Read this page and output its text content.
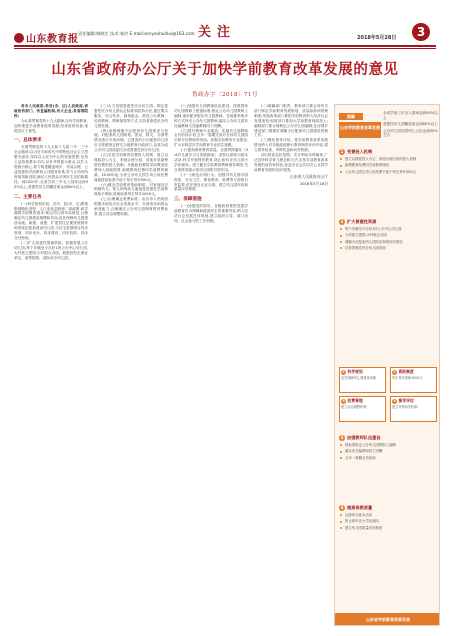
山东教育报
责任编辑:韩晓生 技术:秦洪 E-mail:senyouhuihui@163.com 关注	2018年5月28日	3
山东省政府办公厅关于加快学前教育改革发展的意见
鲁政办字〔2018〕71号

各市人民政府,各县(市、区)人民政府,省政府各部门、各直属机构,各大企业,各高等院校:

为认真贯彻党的十九大精神,办好学前教育,加快推进学前教育改革发展,经省政府同意,现提出以下意见。

一、总体要求

全面贯彻党的十九大和十九届二中、三中全会精神,以习近平新时代中国特色社会主义思想为指导,坚持以人民为中心的发展思想,坚持公益普惠基本方向,以补齐短板为重点,以扩大资源为核心,着力构建覆盖城乡、布局合理、公益普惠的学前教育公共服务体系,努力让幼有所育取得新进展,满足人民群众对美好生活的新期待。到2020年,全省学前三年毛入园率达到90%以上,普惠性幼儿园覆盖率达到80%以上。

二、主要任务

(一)科学规划布局。各市、县(市、区)要根据城镇化进程、人口变化趋势和二孩政策,科学测算学前教育需求,制定幼儿园布局规划,合理确定幼儿园建设规模和布局,优先保障幼儿园建设用地。新建、改建、扩建居住区要按照国家和省规定配套建设幼儿园,与住宅首期项目同步规划、同步设计、同步建设、同步验收、同步交付使用。

(二)扩大普惠性资源供给。积极发展公办幼儿园,每个乡镇至少办好1所公办中心幼儿园,大村独立建园,小村联合办园。鼓励国有企事业单位、高等院校、部队举办幼儿园。

(三)大力发展普惠性民办幼儿园。制定普惠性民办幼儿园认定标准和扶持办法,通过购买服务、综合奖补、减免租金、派驻公办教师、培训教师、教研指导等方式,支持普惠性民办幼儿园发展。

(四)加强城镇小区配套幼儿园建设与管理。对配套幼儿园规划、建设、移交、办园等情况进行专项治理。已建成的小区配套幼儿园应当按照规定移交当地教育行政部门,由其办成公办幼儿园或委托办成普惠性民办幼儿园。

(五)完善学前教育经费投入机制。建立以财政投入为主、家庭合理分担、其他多渠道筹措经费的投入机制。各级政府要将学前教育经费列入财政预算,新增教育经费向学前教育倾斜。2018年起,全省公办幼儿园生均公用经费财政拨款标准不低于每生每年500元。

(六)健全学前教育资助制度。对家庭经济困难幼儿、孤儿和残疾儿童接受普惠性学前教育给予资助,资助标准每生每年1000元。

(七)合理确定收费标准。由各市人民政府根据本地经济社会发展水平、办园成本和群众承受能力,合理确定公办幼儿园保育教育费标准,建立动态调整机制。

(八)加强幼儿园教师队伍建设。按照国家幼儿园教职工配备标准,核定公办幼儿园教职工编制,逐步配齐配足幼儿园教师。各地要采取多种方式补充公办幼儿园教师,落实公办幼儿园非在编教师与在编教师同工同酬。

(九)提升教师专业素质。实施幼儿园教师全员培训计划,五年一周期完成对全体幼儿园园长和专任教师的培训。加强学前教育专业建设,扩大本科层次学前教育专业招生规模。

(十)提高保育教育质量。全面贯彻落实《3-6岁儿童学习与发展指南》,坚持以游戏为基本活动,科学开展保育教育,防止和纠正幼儿园小学化倾向。建立健全学前教育教研指导网络,充分发挥省级示范幼儿园的引领作用。

(十一)规范办园行为。加强对幼儿园办园资质、安全卫生、保育教育、收费等方面的日常监管,依法查处无证办园。建立幼儿园年检和质量评估制度。

三、保障措施

(一)加强组织领导。各级政府要把发展学前教育作为保障和改善民生的重要内容,纳入经济社会发展总体规划,建立政府主导、部门协同、社会参与的工作机制。

(二)明确部门职责。教育部门要会同有关部门制定学前教育发展规划、质量标准和管理制度;发展改革部门要把学前教育纳入经济社会发展规划;财政部门要加大学前教育财政投入;编制部门要合理核定公办幼儿园编制;住房城乡建设部门要做好城镇小区配套幼儿园建设管理工作。

(三)强化督导评估。将学前教育改革发展情况纳入对各级政府履行教育职责评价内容,建立督导检查、考核奖惩和问责机制。

(四)营造良好氛围。充分利用各种媒体,广泛宣传科学育儿理念和方法,宣传学前教育改革发展的成效和经验,营造全社会共同关心支持学前教育发展的良好氛围。

山东省人民政府办公厅

2018年5月18日

图解
山东学前教育改革发展
全省学前三年毛入园率达到90%以上
普惠性幼儿园覆盖率达到80%以上
公办幼儿园在园幼儿占比达到50%左右
1 完善投入机制
建立以财政投入为主、家庭合理分担的投入机制
新增教育经费向学前教育倾斜
公办幼儿园生均公用经费不低于每生每年500元
2 扩大普惠性资源
每个乡镇至少办好1所公办中心幼儿园
大村独立建园,小村联合办园
城镇小区配套幼儿园同步规划同步建设
扶持普惠性民办幼儿园发展
① 科学规划
优先保障幼儿园建设用地
② 资助制度
每生每年资助1000元
③ 收费管理
建立动态调整机制
④ 督导评估
建立考核问责机制
3 加强教师队伍建设
按标准核定公办幼儿园教职工编制
落实非在编教师同工同酬
五年一周期全员培训
4 提高保教质量
以游戏为基本活动
防止和纠正小学化倾向
建立幼儿园质量评估制度
山东省学前教育改革发展
